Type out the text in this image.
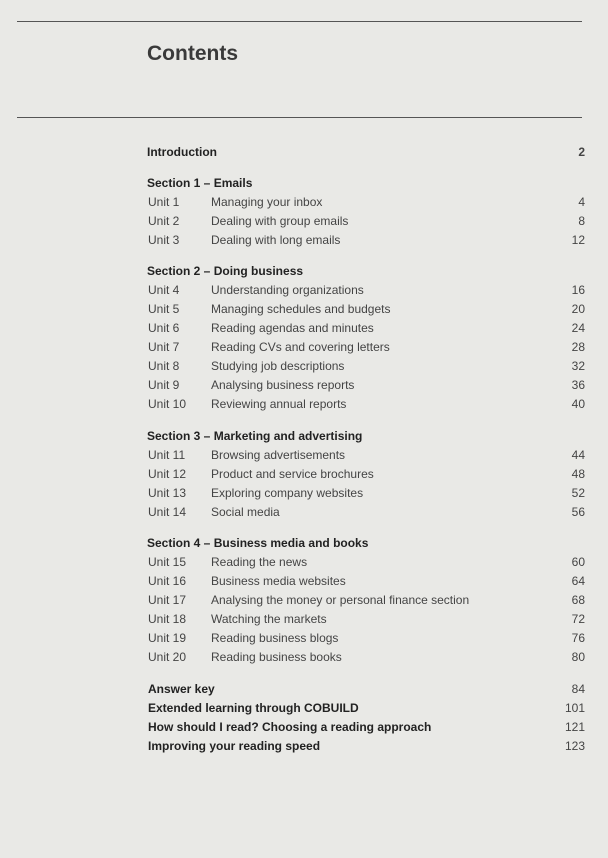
Contents
Introduction	2
Section 1 – Emails
Unit 1	Managing your inbox	4
Unit 2	Dealing with group emails	8
Unit 3	Dealing with long emails	12
Section 2 – Doing business
Unit 4	Understanding organizations	16
Unit 5	Managing schedules and budgets	20
Unit 6	Reading agendas and minutes	24
Unit 7	Reading CVs and covering letters	28
Unit 8	Studying job descriptions	32
Unit 9	Analysing business reports	36
Unit 10 Reviewing annual reports	40
Section 3 – Marketing and advertising
Unit 11 Browsing advertisements	44
Unit 12 Product and service brochures	48
Unit 13 Exploring company websites	52
Unit 14 Social media	56
Section 4 – Business media and books
Unit 15 Reading the news	60
Unit 16 Business media websites	64
Unit 17 Analysing the money or personal finance section	68
Unit 18 Watching the markets	72
Unit 19 Reading business blogs	76
Unit 20 Reading business books	80
Answer key	84
Extended learning through COBUILD	101
How should I read? Choosing a reading approach	121
Improving your reading speed	123
